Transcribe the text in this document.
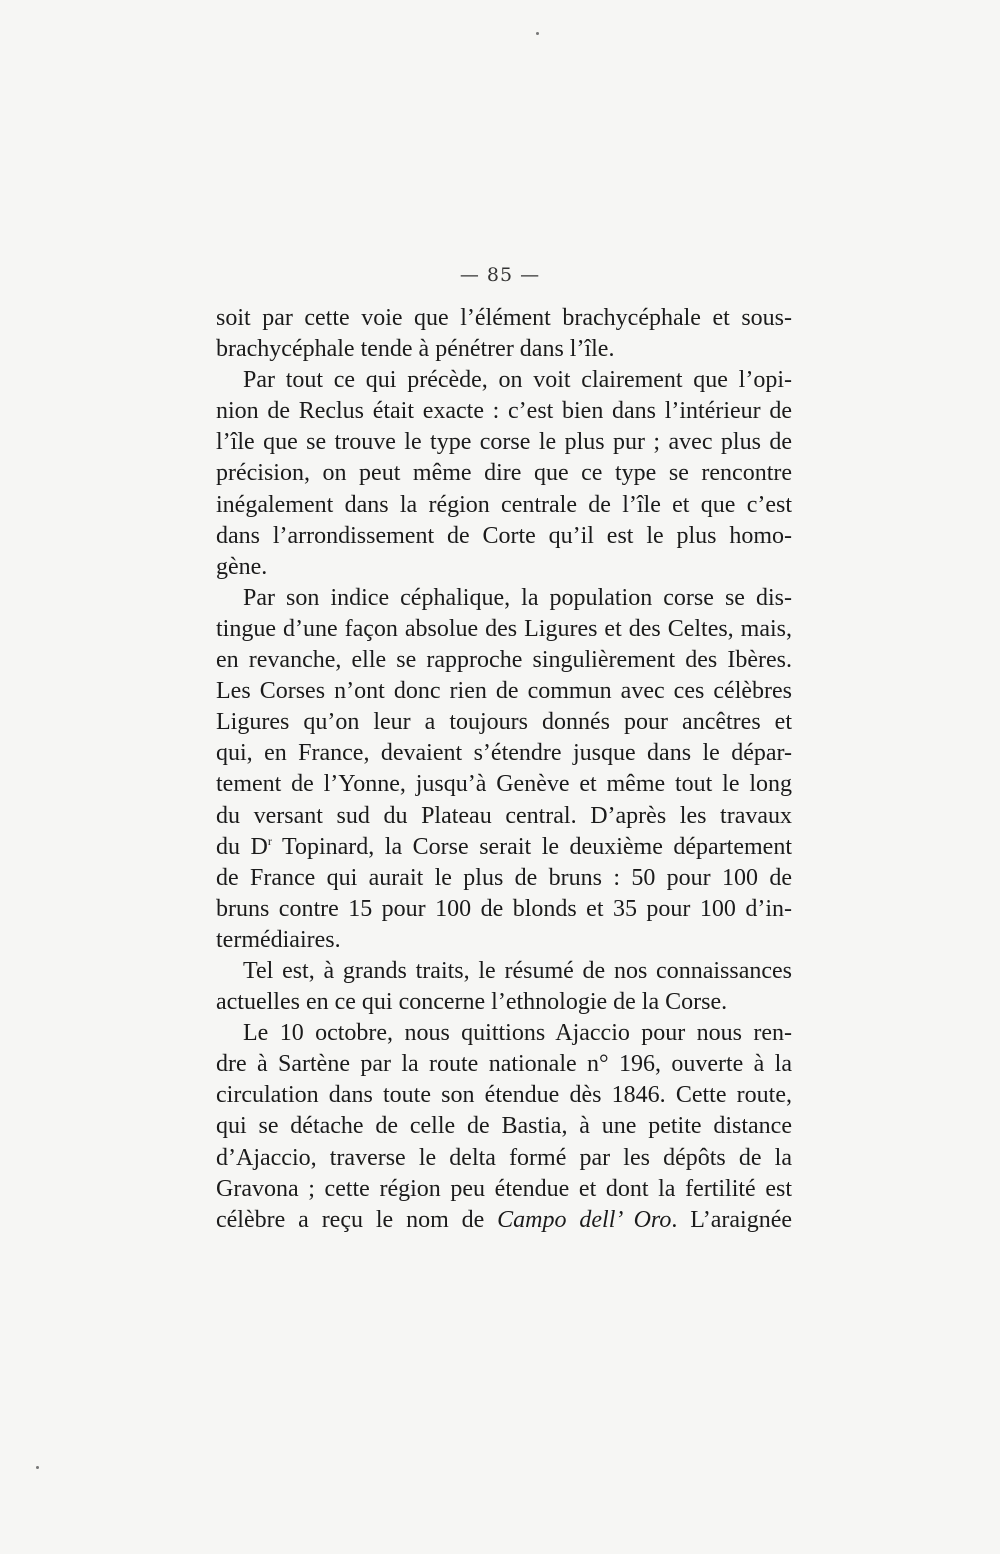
— 85 —
soit par cette voie que l’élément brachycéphale et sous-
brachycéphale tende à pénétrer dans l’île.
Par tout ce qui précède, on voit clairement que l’opi-
nion de Reclus était exacte : c’est bien dans l’intérieur de
l’île que se trouve le type corse le plus pur ; avec plus de
précision, on peut même dire que ce type se rencontre
inégalement dans la région centrale de l’île et que c’est
dans l’arrondissement de Corte qu’il est le plus homo-
gène.
Par son indice céphalique, la population corse se dis-
tingue d’une façon absolue des Ligures et des Celtes, mais,
en revanche, elle se rapproche singulièrement des Ibères.
Les Corses n’ont donc rien de commun avec ces célèbres
Ligures qu’on leur a toujours donnés pour ancêtres et
qui, en France, devaient s’étendre jusque dans le dépar-
tement de l’Yonne, jusqu’à Genève et même tout le long
du versant sud du Plateau central. D’après les travaux
du $D^r$ Topinard, la Corse serait le deuxième département
de France qui aurait le plus de bruns : 50 pour 100 de
bruns contre 15 pour 100 de blonds et 35 pour 100 d’in-
termédiaires.
Tel est, à grands traits, le résumé de nos connaissances
actuelles en ce qui concerne l’ethnologie de la Corse.
Le 10 octobre, nous quittions Ajaccio pour nous ren-
dre à Sartène par la route nationale n° 196, ouverte à la
circulation dans toute son étendue dès 1846. Cette route,
qui se détache de celle de Bastia, à une petite distance
d’Ajaccio, traverse le delta formé par les dépôts de la
Gravona ; cette région peu étendue et dont la fertilité est
célèbre a reçu le nom de Campo dell’ Oro. L’araignée
